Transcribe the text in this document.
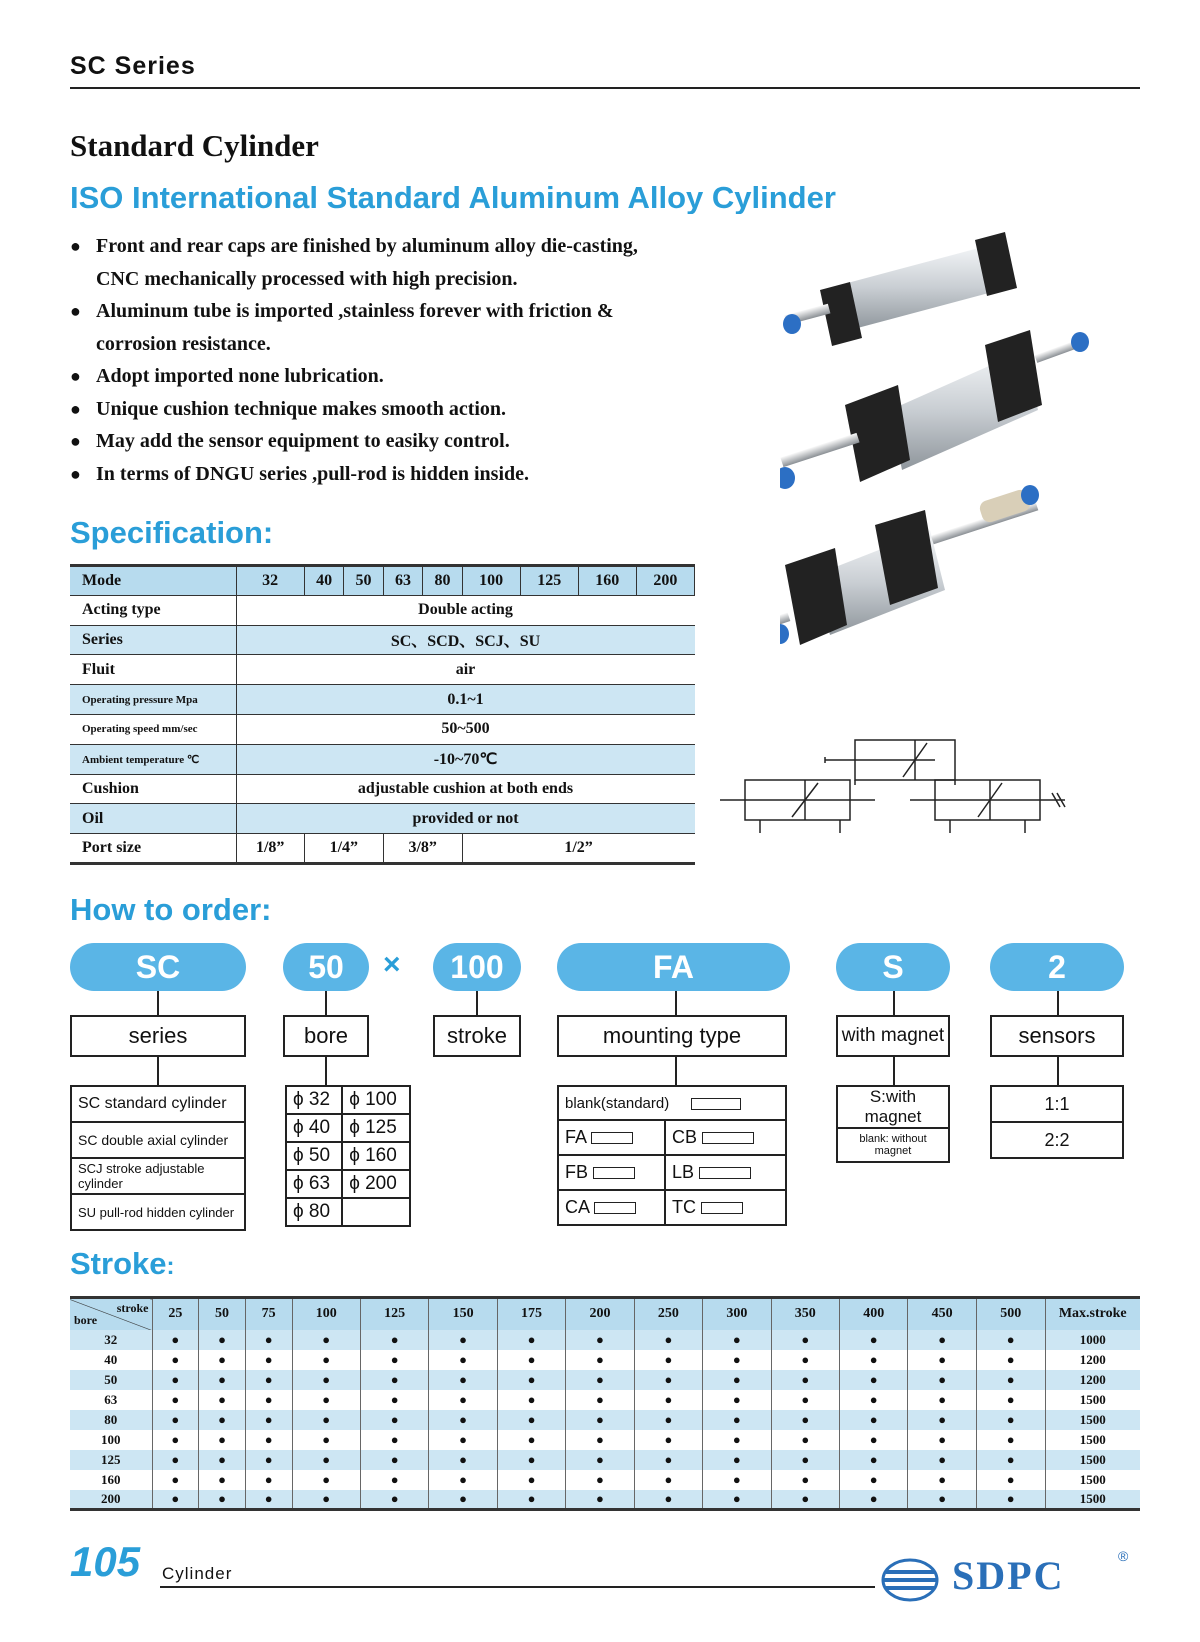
SC Series
Standard Cylinder
ISO International Standard Aluminum Alloy Cylinder
● Front and rear caps are finished by aluminum alloy die-casting,
CNC mechanically processed with high precision.
● Aluminum tube is imported ,stainless forever with friction &
corrosion resistance.
● Adopt imported none lubrication.
● Unique cushion technique makes smooth action.
● May add the sensor equipment to easiky control.
● In terms of DNGU series ,pull-rod is hidden inside.
Specification:
Mode	32	40	50	63	80	100	125	160	200
Acting type	Double acting								
Series	SC、SCD、SCJ、SU								
Fluit	air								
Operating pressure Mpa	0.1~1								
Operating speed mm/sec	50~500								
Ambient temperature ℃	-10~70℃								
Cushion	adjustable cushion at both ends								
Oil	provided or not								
Port size	1/8”	1/4”		3/8”		1/2”			
How to order:
SC	50	×	100	FA	S	2
series	bore	stroke	mounting type	with magnet	sensors
SC standard cylinder
SC double axial cylinder
SCJ stroke adjustable cylinder
SU pull-rod hidden cylinder
ϕ 32	ϕ 100
ϕ 40	ϕ 125
ϕ 50	ϕ 160
ϕ 63	ϕ 200
ϕ 80	
blank(standard)	
FA	CB
FB	LB
CA	TC
S:with magnet
blank: without magnet
1:1
2:2
Stroke:
stroke
bore	25	50	75	100	125	150	175	200	250	300	350	400	450	500	Max.stroke
32	●	●	●	●	●	●	●	●	●	●	●	●	●	●	1000
40	●	●	●	●	●	●	●	●	●	●	●	●	●	●	1200
50	●	●	●	●	●	●	●	●	●	●	●	●	●	●	1200
63	●	●	●	●	●	●	●	●	●	●	●	●	●	●	1500
80	●	●	●	●	●	●	●	●	●	●	●	●	●	●	1500
100	●	●	●	●	●	●	●	●	●	●	●	●	●	●	1500
125	●	●	●	●	●	●	●	●	●	●	●	●	●	●	1500
160	●	●	●	●	●	●	●	●	●	●	●	●	●	●	1500
200	●	●	●	●	●	●	●	●	●	●	●	●	●	●	1500
105 Cylinder	SDPC	®
